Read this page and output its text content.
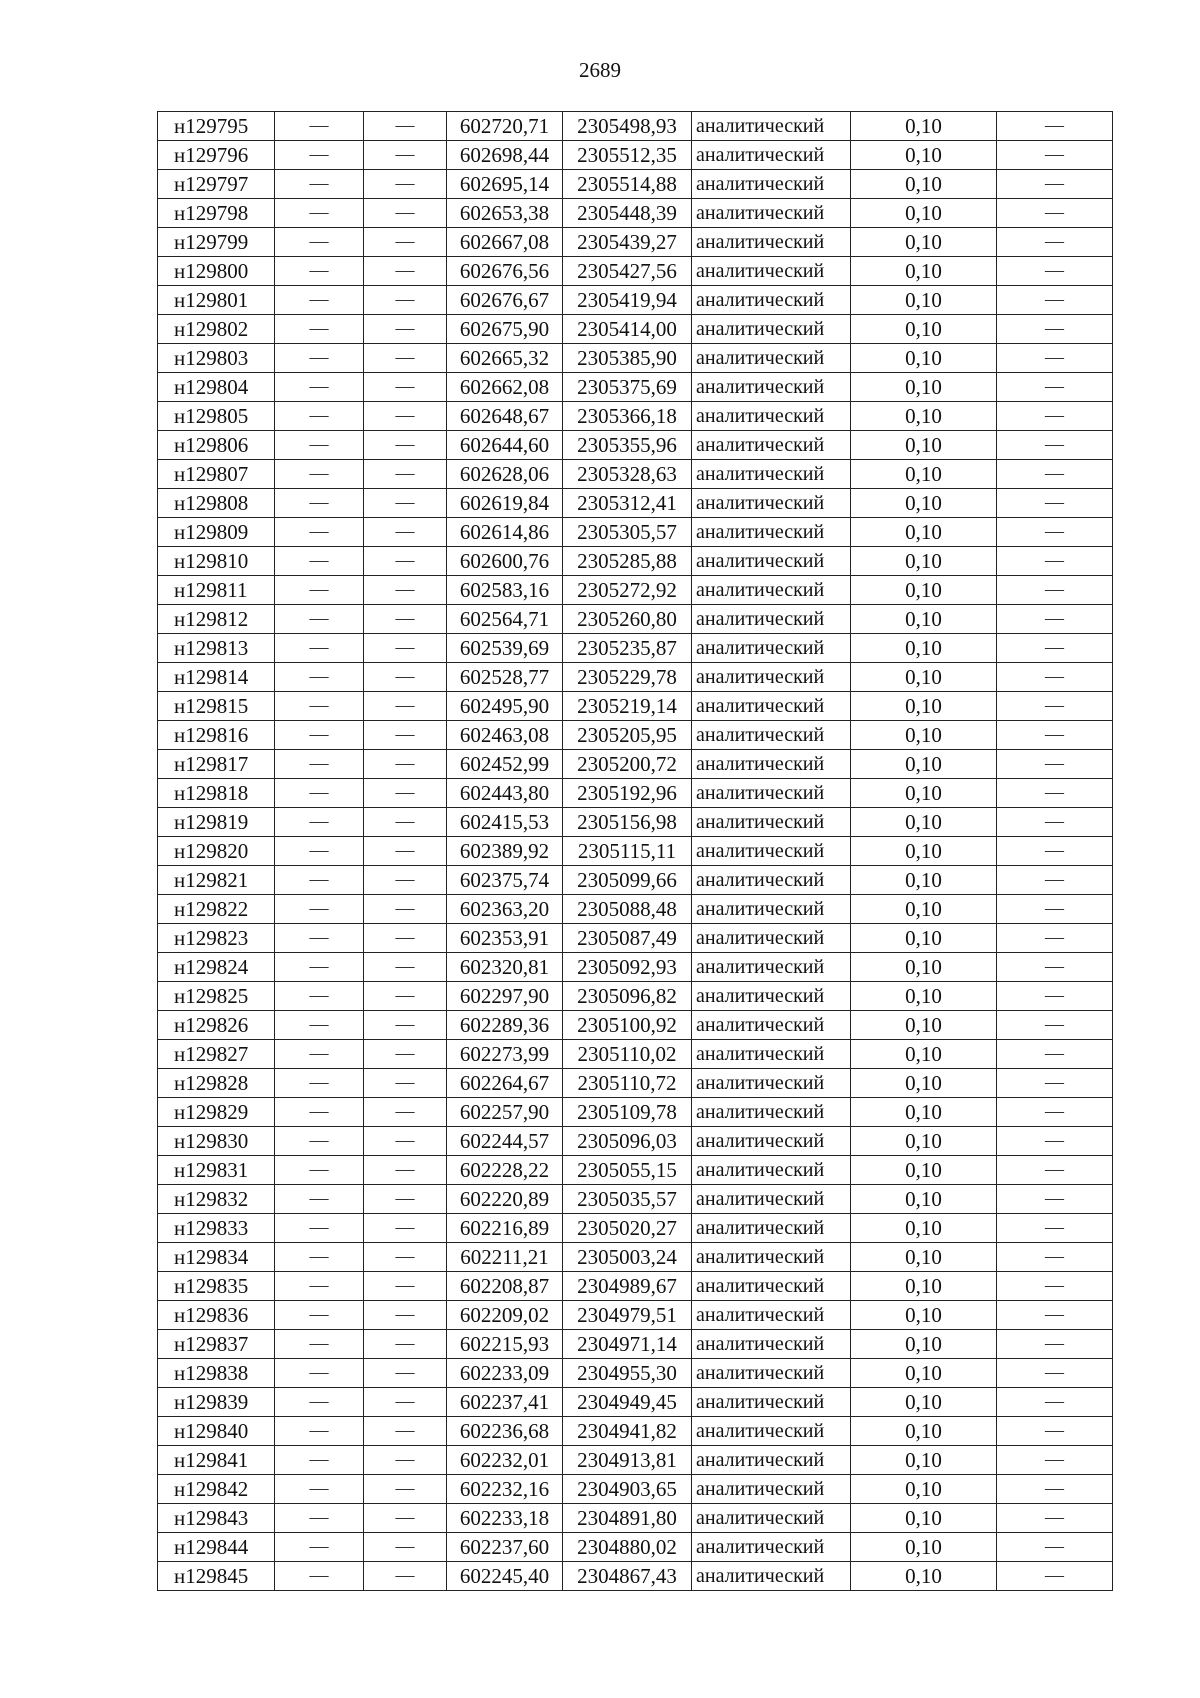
2689
н129795	—	—	602720,71	2305498,93	аналитический	0,10	—
н129796	—	—	602698,44	2305512,35	аналитический	0,10	—
н129797	—	—	602695,14	2305514,88	аналитический	0,10	—
н129798	—	—	602653,38	2305448,39	аналитический	0,10	—
н129799	—	—	602667,08	2305439,27	аналитический	0,10	—
н129800	—	—	602676,56	2305427,56	аналитический	0,10	—
н129801	—	—	602676,67	2305419,94	аналитический	0,10	—
н129802	—	—	602675,90	2305414,00	аналитический	0,10	—
н129803	—	—	602665,32	2305385,90	аналитический	0,10	—
н129804	—	—	602662,08	2305375,69	аналитический	0,10	—
н129805	—	—	602648,67	2305366,18	аналитический	0,10	—
н129806	—	—	602644,60	2305355,96	аналитический	0,10	—
н129807	—	—	602628,06	2305328,63	аналитический	0,10	—
н129808	—	—	602619,84	2305312,41	аналитический	0,10	—
н129809	—	—	602614,86	2305305,57	аналитический	0,10	—
н129810	—	—	602600,76	2305285,88	аналитический	0,10	—
н129811	—	—	602583,16	2305272,92	аналитический	0,10	—
н129812	—	—	602564,71	2305260,80	аналитический	0,10	—
н129813	—	—	602539,69	2305235,87	аналитический	0,10	—
н129814	—	—	602528,77	2305229,78	аналитический	0,10	—
н129815	—	—	602495,90	2305219,14	аналитический	0,10	—
н129816	—	—	602463,08	2305205,95	аналитический	0,10	—
н129817	—	—	602452,99	2305200,72	аналитический	0,10	—
н129818	—	—	602443,80	2305192,96	аналитический	0,10	—
н129819	—	—	602415,53	2305156,98	аналитический	0,10	—
н129820	—	—	602389,92	2305115,11	аналитический	0,10	—
н129821	—	—	602375,74	2305099,66	аналитический	0,10	—
н129822	—	—	602363,20	2305088,48	аналитический	0,10	—
н129823	—	—	602353,91	2305087,49	аналитический	0,10	—
н129824	—	—	602320,81	2305092,93	аналитический	0,10	—
н129825	—	—	602297,90	2305096,82	аналитический	0,10	—
н129826	—	—	602289,36	2305100,92	аналитический	0,10	—
н129827	—	—	602273,99	2305110,02	аналитический	0,10	—
н129828	—	—	602264,67	2305110,72	аналитический	0,10	—
н129829	—	—	602257,90	2305109,78	аналитический	0,10	—
н129830	—	—	602244,57	2305096,03	аналитический	0,10	—
н129831	—	—	602228,22	2305055,15	аналитический	0,10	—
н129832	—	—	602220,89	2305035,57	аналитический	0,10	—
н129833	—	—	602216,89	2305020,27	аналитический	0,10	—
н129834	—	—	602211,21	2305003,24	аналитический	0,10	—
н129835	—	—	602208,87	2304989,67	аналитический	0,10	—
н129836	—	—	602209,02	2304979,51	аналитический	0,10	—
н129837	—	—	602215,93	2304971,14	аналитический	0,10	—
н129838	—	—	602233,09	2304955,30	аналитический	0,10	—
н129839	—	—	602237,41	2304949,45	аналитический	0,10	—
н129840	—	—	602236,68	2304941,82	аналитический	0,10	—
н129841	—	—	602232,01	2304913,81	аналитический	0,10	—
н129842	—	—	602232,16	2304903,65	аналитический	0,10	—
н129843	—	—	602233,18	2304891,80	аналитический	0,10	—
н129844	—	—	602237,60	2304880,02	аналитический	0,10	—
н129845	—	—	602245,40	2304867,43	аналитический	0,10	—
